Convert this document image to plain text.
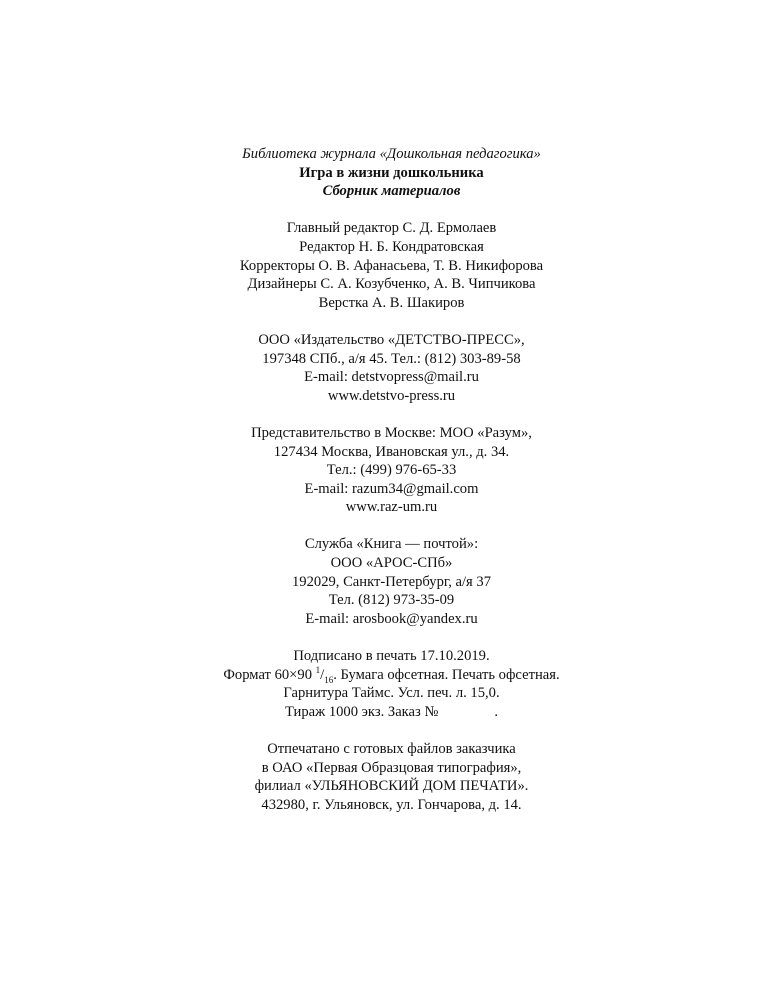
Библиотека журнала «Дошкольная педагогика»
Игра в жизни дошкольника
Сборник материалов
Главный редактор С. Д. Ермолаев
Редактор Н. Б. Кондратовская
Корректоры О. В. Афанасьева, Т. В. Никифорова
Дизайнеры С. А. Козубченко, А. В. Чипчикова
Верстка А. В. Шакиров
ООО «Издательство «ДЕТСТВО-ПРЕСС»,
197348 СПб., а/я 45. Тел.: (812) 303-89-58
E-mail: detstvopress@mail.ru
www.detstvo-press.ru
Представительство в Москве: МОО «Разум»,
127434 Москва, Ивановская ул., д. 34.
Тел.: (499) 976-65-33
E-mail: razum34@gmail.com
www.raz-um.ru
Служба «Книга — почтой»:
ООО «АРОС-СПб»
192029, Санкт-Петербург, а/я 37
Тел. (812) 973-35-09
E-mail: arosbook@yandex.ru
Подписано в печать 17.10.2019.
Формат 60×90 $^1/_{16}$. Бумага офсетная. Печать офсетная.
Гарнитура Таймс. Усл. печ. л. 15,0.
Тираж 1000 экз. Заказ №	.
Отпечатано с готовых файлов заказчика
в ОАО «Первая Образцовая типография»,
филиал «УЛЬЯНОВСКИЙ ДОМ ПЕЧАТИ».
432980, г. Ульяновск, ул. Гончарова, д. 14.
